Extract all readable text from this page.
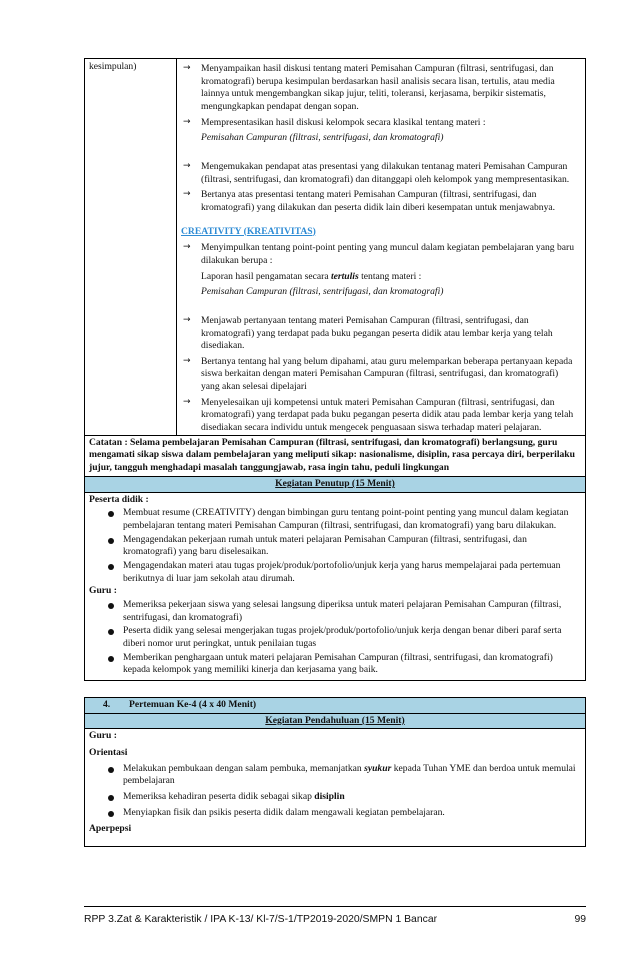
kesimpulan)	→	Menyampaikan hasil diskusi tentang materi Pemisahan Campuran (filtrasi, sentrifugasi, dan kromatografi) berupa kesimpulan berdasarkan hasil analisis secara lisan, tertulis, atau media lainnya untuk mengembangkan sikap jujur, teliti, toleransi, kerjasama, berpikir sistematis, mengungkapkan pendapat dengan sopan.
→	Mempresentasikan hasil diskusi kelompok secara klasikal tentang materi :
Pemisahan Campuran (filtrasi, sentrifugasi, dan kromatografi)
→	Mengemukakan pendapat atas presentasi yang dilakukan tentanag materi Pemisahan Campuran (filtrasi, sentrifugasi, dan kromatografi) dan ditanggapi oleh kelompok yang mempresentasikan.
→	Bertanya atas presentasi tentang materi Pemisahan Campuran (filtrasi, sentrifugasi, dan kromatografi) yang dilakukan dan peserta didik lain diberi kesempatan untuk menjawabnya.
CREATIVITY (KREATIVITAS)
→	Menyimpulkan tentang point-point penting yang muncul dalam kegiatan pembelajaran yang baru dilakukan berupa :
Laporan hasil pengamatan secara tertulis tentang materi :
Pemisahan Campuran (filtrasi, sentrifugasi, dan kromatografi)
→	Menjawab pertanyaan tentang materi Pemisahan Campuran (filtrasi, sentrifugasi, dan kromatografi) yang terdapat pada buku pegangan peserta didik atau lembar kerja yang telah disediakan.
→	Bertanya tentang hal yang belum dipahami, atau guru melemparkan beberapa pertanyaan kepada siswa berkaitan dengan materi Pemisahan Campuran (filtrasi, sentrifugasi, dan kromatografi) yang akan selesai dipelajari
→	Menyelesaikan uji kompetensi untuk materi Pemisahan Campuran (filtrasi, sentrifugasi, dan kromatografi) yang terdapat pada buku pegangan peserta didik atau pada lembar kerja yang telah disediakan secara individu untuk mengecek penguasaan siswa terhadap materi pelajaran.

Catatan : Selama pembelajaran Pemisahan Campuran (filtrasi, sentrifugasi, dan kromatografi) berlangsung, guru mengamati sikap siswa dalam pembelajaran yang meliputi sikap: nasionalisme, disiplin, rasa percaya diri, berperilaku jujur, tangguh menghadapi masalah tanggungjawab, rasa ingin tahu, peduli lingkungan
Kegiatan Penutup (15 Menit)

Peserta didik :
Membuat resume (CREATIVITY) dengan bimbingan guru tentang point-point penting yang muncul dalam kegiatan pembelajaran tentang materi Pemisahan Campuran (filtrasi, sentrifugasi, dan kromatografi) yang baru dilakukan.
Mengagendakan pekerjaan rumah untuk materi pelajaran Pemisahan Campuran (filtrasi, sentrifugasi, dan kromatografi) yang baru diselesaikan.
Mengagendakan materi atau tugas projek/produk/portofolio/unjuk kerja yang harus mempelajarai pada pertemuan berikutnya di luar jam sekolah atau dirumah.
Guru :
Memeriksa pekerjaan siswa yang selesai langsung diperiksa untuk materi pelajaran Pemisahan Campuran (filtrasi, sentrifugasi, dan kromatografi)
Peserta didik yang selesai mengerjakan tugas projek/produk/portofolio/unjuk kerja dengan benar diberi paraf serta diberi nomor urut peringkat, untuk penilaian tugas
Memberikan penghargaan untuk materi pelajaran Pemisahan Campuran (filtrasi, sentrifugasi, dan kromatografi) kepada kelompok yang memiliki kinerja dan kerjasama yang baik.
4. Pertemuan Ke-4 (4 x 40 Menit)
Kegiatan Pendahuluan (15 Menit)

Guru :
Orientasi
Melakukan pembukaan dengan salam pembuka, memanjatkan syukur kepada Tuhan YME dan berdoa untuk memulai pembelajaran
Memeriksa kehadiran peserta didik sebagai sikap disiplin
Menyiapkan fisik dan psikis peserta didik dalam mengawali kegiatan pembelajaran.
Aperpepsi
RPP 3.Zat & Karakteristik / IPA K-13/ Kl-7/S-1/TP2019-2020/SMPN 1 Bancar	99
